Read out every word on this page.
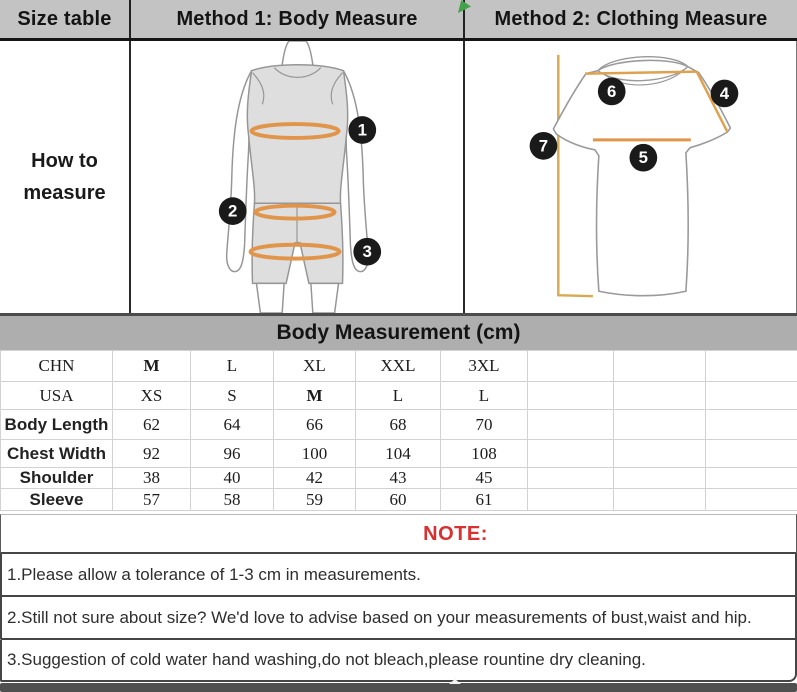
Size table	Method 1: Body Measure	Method 2: Clothing Measure
How to
measure
1
2
3
6	4
7
5
Body Measurement (cm)
CHN	M	L	XL	XXL	3XL			
USA	XS	S	M	L	L			
Body Length	62	64	66	68	70			
Chest Width	92	96	100	104	108			
Shoulder	38	40	42	43	45			
Sleeve	57	58	59	60	61			
NOTE:
1.Please allow a tolerance of 1-3 cm in measurements.
2.Still not sure about size? We'd love to advise based on your measurements of bust,waist and hip.
3.Suggestion of cold water hand washing,do not bleach,please rountine dry cleaning.
